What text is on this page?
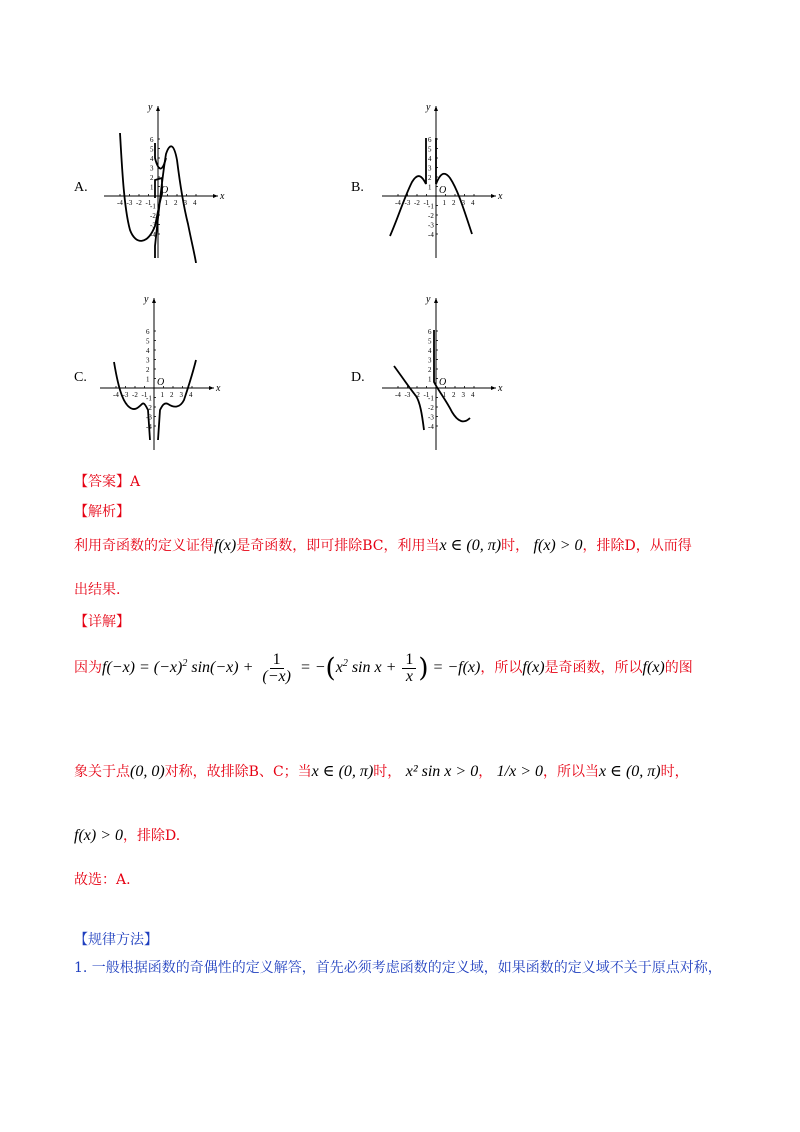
A.
x
y
O
-4 -3 -2 -1 1 2 3 4
6
5
4
3
2
1
-1
-2
-3
-4
B.
x
y
O
-4 -3 -2 -1 1 2 3 4
6
5
4
3
2
1
-1
-2
-3
-4
C.
x
y
O
-4 -3 -2 -1 1 2 3 4
6
5
4
3
2
1
-1
-2
-3
-4
D.
x
y
O
-4 -3 -2 -1 1 2 3 4
6
5
4
3
2
1
-1
-2
-3
-4
【答案】A
【解析】
利用奇函数的定义证得f(x)是奇函数，即可排除BC，利用当x ∈ (0, π)时， f(x) > 0，排除D，从而得
出结果.
【详解】
因为 $f(-x) = (-x)^2$ $\sin(-x) + \frac{1}{(-x)} = -(x^2$ $\sin x + \frac{1}{x}$ ) = −f(x) ，所以 f(x) 是奇函数，所以 f(x) 的图
象关于点 (0, 0) 对称，故排除B、C；当 x ∈ (0, π) 时，
x² sin x > 0 ，
1/x > 0 ，所以当 x ∈ (0, π) 时，
f(x) > 0，排除D.
故选：A.
【规律方法】
1. 一般根据函数的奇偶性的定义解答，首先必须考虑函数的定义域，如果函数的定义域不关于原点对称，
